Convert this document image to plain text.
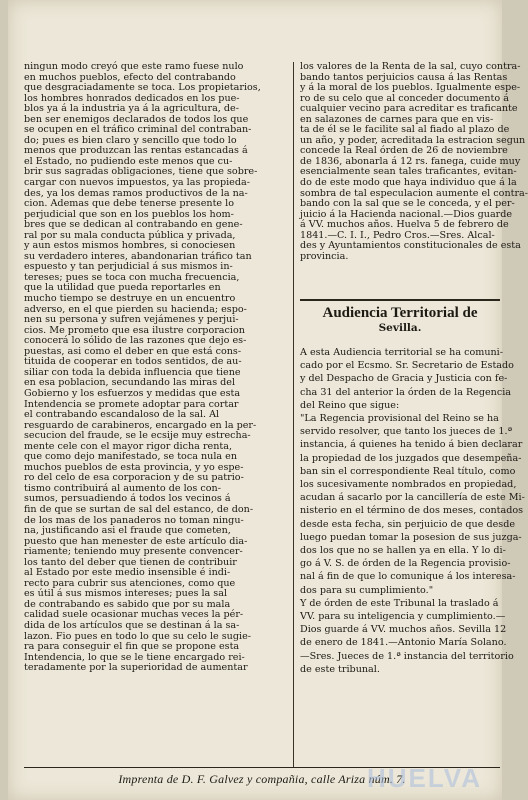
ningun modo creyó que este ramo fuese nulo
en muchos pueblos, efecto del contrabando
que desgraciadamente se toca. Los propietarios,
los hombres honrados dedicados en los pue-
blos ya á la industria ya á la agricultura, de-
ben ser enemigos declarados de todos los que
se ocupen en el tráfico criminal del contraban-
do; pues es bien claro y sencillo que todo lo
menos que produzcan las rentas estancadas á
el Estado, no pudiendo este menos que cu-
brir sus sagradas obligaciones, tiene que sobre-
cargar con nuevos impuestos, ya las propieda-
des, ya los demas ramos productivos de la na-
cion. Ademas que debe tenerse presente lo
perjudicial que son en los pueblos los hom-
bres que se dedican al contrabando en gene-
ral por su mala conducta pública y privada,
y aun estos mismos hombres, si conociesen
su verdadero interes, abandonarian tráfico tan
espuesto y tan perjudicial á sus mismos in-
tereses; pues se toca con mucha frecuencia,
que la utilidad que pueda reportarles en
mucho tiempo se destruye en un encuentro
adverso, en el que pierden su hacienda; espo-
nen su persona y sufren vejámenes y perjui-
cios. Me prometo que esa ilustre corporacion
conocerá lo sólido de las razones que dejo es-
puestas, asi como el deber en que está cons-
tituida de cooperar en todos sentidos, de au-
siliar con toda la debida influencia que tiene
en esa poblacion, secundando las miras del
Gobierno y los esfuerzos y medidas que esta
Intendencia se promete adoptar para cortar
el contrabando escandaloso de la sal. Al
resguardo de carabineros, encargado en la per-
secucion del fraude, se le ecsije muy estrecha-
mente cele con el mayor rigor dicha renta,
que como dejo manifestado, se toca nula en
muchos pueblos de esta provincia, y yo espe-
ro del celo de esa corporacion y de su patrio-
tismo contribuirá al aumento de los con-
sumos, persuadiendo á todos los vecinos á
fin de que se surtan de sal del estanco, de don-
de los mas de los panaderos no toman ningu-
na, justificando asi el fraude que cometen,
puesto que han menester de este artículo dia-
riamente; teniendo muy presente convencer-
los tanto del deber que tienen de contribuir
al Estado por este medio insensible é indi-
recto para cubrir sus atenciones, como que
es útil á sus mismos intereses; pues la sal
de contrabando es sabido que por su mala
calidad suele ocasionar muchas veces la pér-
dida de los artículos que se destinan á la sa-
lazon. Fio pues en todo lo que su celo le sugie-
ra para conseguir el fin que se propone esta
Intendencia, lo que se le tiene encargado rei-
teradamente por la superioridad de aumentar
los valores de la Renta de la sal, cuyo contra-
bando tantos perjuicios causa á las Rentas
y á la moral de los pueblos. Igualmente espe-
ro de su celo que al conceder documento á
cualquier vecino para acreditar es traficante
en salazones de carnes para que en vis-
ta de él se le facilite sal al fiado al plazo de
un año, y poder, acreditada la estracion segun
concede la Real órden de 26 de noviembre
de 1836, abonarla á 12 rs. fanega, cuide muy
esencialmente sean tales traficantes, evitan-
do de este modo que haya individuo que á la
sombra de tal especulacion aumente el contra-
bando con la sal que se le conceda, y el per-
juicio á la Hacienda nacional.—Dios guarde
á VV. muchos años. Huelva 5 de febrero de
1841.—C. I. I., Pedro Cros.—Sres. Alcal-
des y Ayuntamientos constitucionales de esta
provincia.
Audiencia Territorial de
Sevilla.
A esta Audiencia territorial se ha comuni-
cado por el Ecsmo. Sr. Secretario de Estado
y del Despacho de Gracia y Justicia con fe-
cha 31 del anterior la órden de la Regencia
del Reino que sigue:
"La Regencia provisional del Reino se ha
servido resolver, que tanto los jueces de 1.ª
instancia, á quienes ha tenido á bien declarar
la propiedad de los juzgados que desempeña-
ban sin el correspondiente Real título, como
los sucesivamente nombrados en propiedad,
acudan á sacarlo por la cancillería de este Mi-
nisterio en el término de dos meses, contados
desde esta fecha, sin perjuicio de que desde
luego puedan tomar la posesion de sus juzga-
dos los que no se hallen ya en ella. Y lo di-
go á V. S. de órden de la Regencia provisio-
nal á fin de que lo comunique á los interesa-
dos para su cumplimiento."
Y de órden de este Tribunal la traslado á
VV. para su inteligencia y cumplimiento.—
Dios guarde á VV. muchos años. Sevilla 12
de enero de 1841.—Antonio María Solano.
—Sres. Jueces de 1.ª instancia del territorio
de este tribunal.
Imprenta de D. F. Galvez y compañia, calle Ariza núm. 7.
HUELVA
